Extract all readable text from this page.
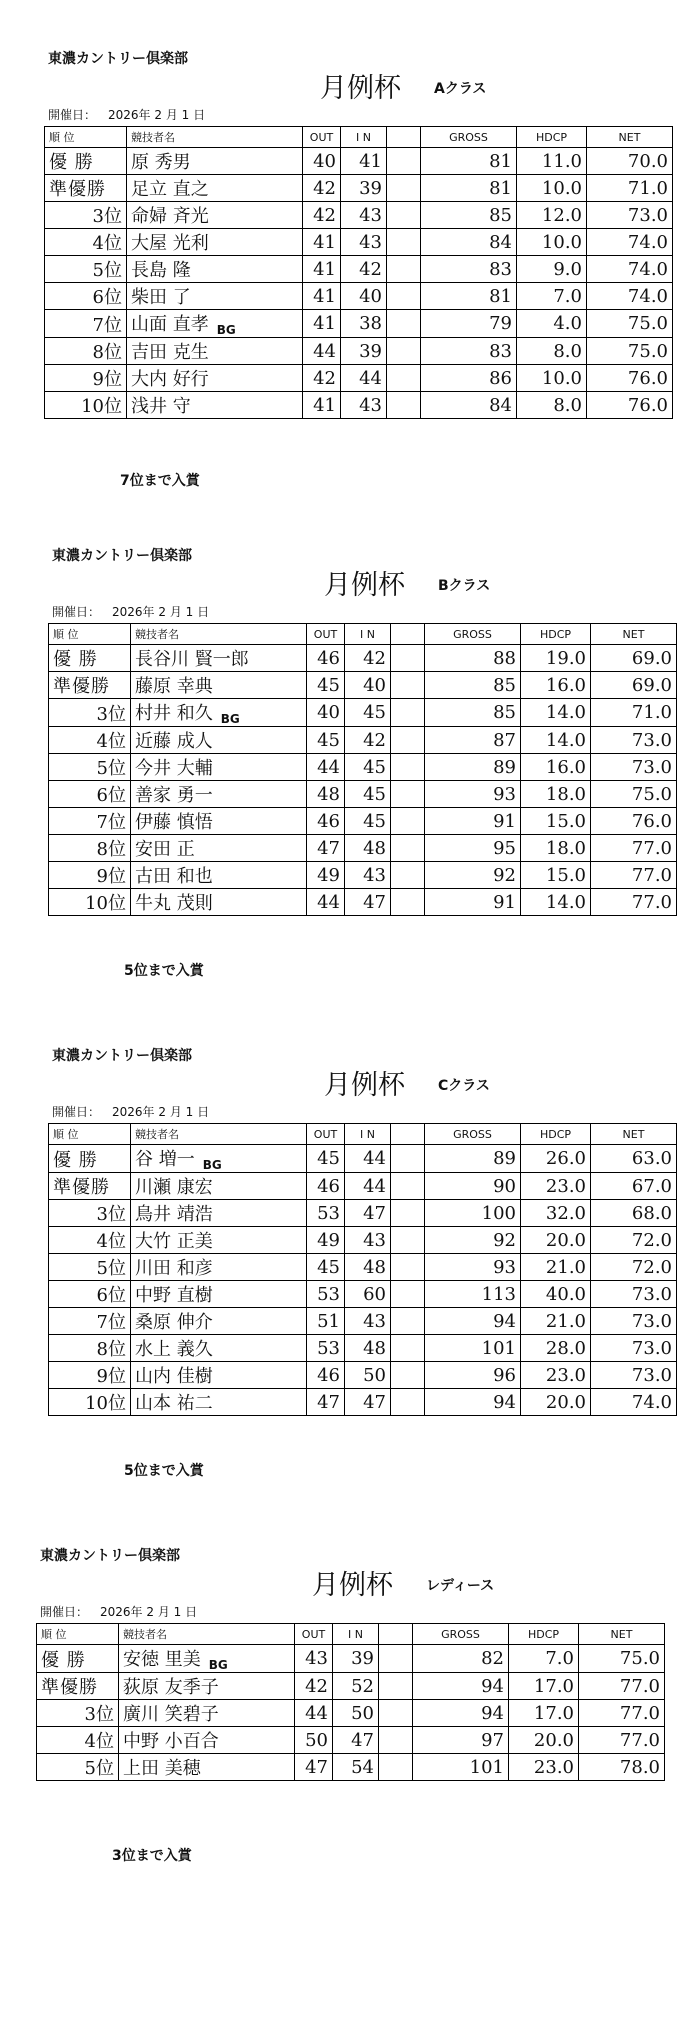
東濃カントリー倶楽部
月例杯 Aクラス
開催日： 2026年 2 月 1 日
順 位	競技者名	OUT	I N		GROSS	HDCP	NET
優 勝	原 秀男	40	41		81	11.0	70.0
準優勝	足立 直之	42	39		81	10.0	71.0
3位	命婦 斉光	42	43		85	12.0	73.0
4位	大屋 光利	41	43		84	10.0	74.0
5位	長島 隆	41	42		83	9.0	74.0
6位	柴田 了	41	40		81	7.0	74.0
7位	山面 直孝 $_{BG}$	41	38		79	4.0	75.0
8位	吉田 克生	44	39		83	8.0	75.0
9位	大内 好行	42	44		86	10.0	76.0
10位	浅井 守	41	43		84	8.0	76.0
7位まで入賞
東濃カントリー倶楽部
月例杯 Bクラス
開催日： 2026年 2 月 1 日
順 位	競技者名	OUT	I N		GROSS	HDCP	NET
優 勝	長谷川 賢一郎	46	42		88	19.0	69.0
準優勝	藤原 幸典	45	40		85	16.0	69.0
3位	村井 和久 $_{BG}$	40	45		85	14.0	71.0
4位	近藤 成人	45	42		87	14.0	73.0
5位	今井 大輔	44	45		89	16.0	73.0
6位	善家 勇一	48	45		93	18.0	75.0
7位	伊藤 慎悟	46	45		91	15.0	76.0
8位	安田 正	47	48		95	18.0	77.0
9位	古田 和也	49	43		92	15.0	77.0
10位	牛丸 茂則	44	47		91	14.0	77.0
5位まで入賞
東濃カントリー倶楽部
月例杯 Cクラス
開催日： 2026年 2 月 1 日
順 位	競技者名	OUT	I N		GROSS	HDCP	NET
優 勝	谷 増一 $_{BG}$	45	44		89	26.0	63.0
準優勝	川瀬 康宏	46	44		90	23.0	67.0
3位	鳥井 靖浩	53	47		100	32.0	68.0
4位	大竹 正美	49	43		92	20.0	72.0
5位	川田 和彦	45	48		93	21.0	72.0
6位	中野 直樹	53	60		113	40.0	73.0
7位	桑原 伸介	51	43		94	21.0	73.0
8位	水上 義久	53	48		101	28.0	73.0
9位	山内 佳樹	46	50		96	23.0	73.0
10位	山本 祐二	47	47		94	20.0	74.0
5位まで入賞
東濃カントリー倶楽部
月例杯 レディース
開催日： 2026年 2 月 1 日
順 位	競技者名	OUT	I N		GROSS	HDCP	NET
優 勝	安徳 里美 $_{BG}$	43	39		82	7.0	75.0
準優勝	荻原 友季子	42	52		94	17.0	77.0
3位	廣川 笑碧子	44	50		94	17.0	77.0
4位	中野 小百合	50	47		97	20.0	77.0
5位	上田 美穂	47	54		101	23.0	78.0
3位まで入賞
